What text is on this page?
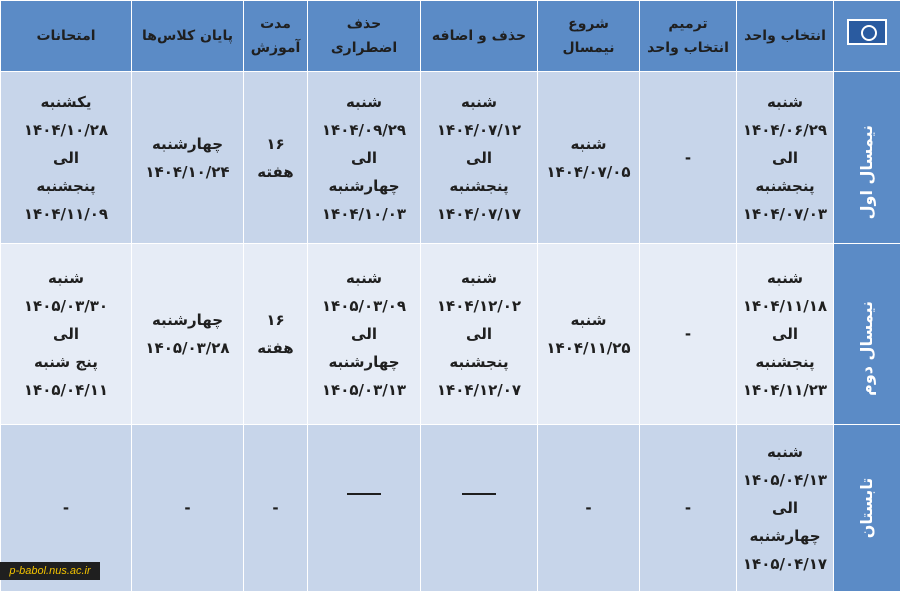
	انتخاب واحد	ترمیم انتخاب واحد	شروع نیمسال	حذف و اضافه	حذف اضطراری	مدت آموزش	پایان کلاس‌ها	امتحانات

نیمسال اول	شنبه
۱۴۰۴/۰۶/۲۹
الی
پنجشنبه
۱۴۰۴/۰۷/۰۳	-	شنبه
۱۴۰۴/۰۷/۰۵	شنبه
۱۴۰۴/۰۷/۱۲
الی
پنجشنبه
۱۴۰۴/۰۷/۱۷	شنبه
۱۴۰۴/۰۹/۲۹
الی
چهارشنبه
۱۴۰۴/۱۰/۰۳	۱۶
هفته	چهارشنبه
۱۴۰۴/۱۰/۲۴	یکشنبه
۱۴۰۴/۱۰/۲۸
الی
پنجشنبه
۱۴۰۴/۱۱/۰۹

نیمسال دوم	شنبه
۱۴۰۴/۱۱/۱۸
الی
پنجشنبه
۱۴۰۴/۱۱/۲۳	-	شنبه
۱۴۰۴/۱۱/۲۵	شنبه
۱۴۰۴/۱۲/۰۲
الی
پنجشنبه
۱۴۰۴/۱۲/۰۷	شنبه
۱۴۰۵/۰۳/۰۹
الی
چهارشنبه
۱۴۰۵/۰۳/۱۳	۱۶
هفته	چهارشنبه
۱۴۰۵/۰۳/۲۸	شنبه
۱۴۰۵/۰۳/۳۰
الی
پنج شنبه
۱۴۰۵/۰۴/۱۱

تابستان	شنبه
۱۴۰۵/۰۴/۱۳
الی
چهارشنبه
۱۴۰۵/۰۴/۱۷	-	-			-	-	-
p-babol.nus.ac.ir
